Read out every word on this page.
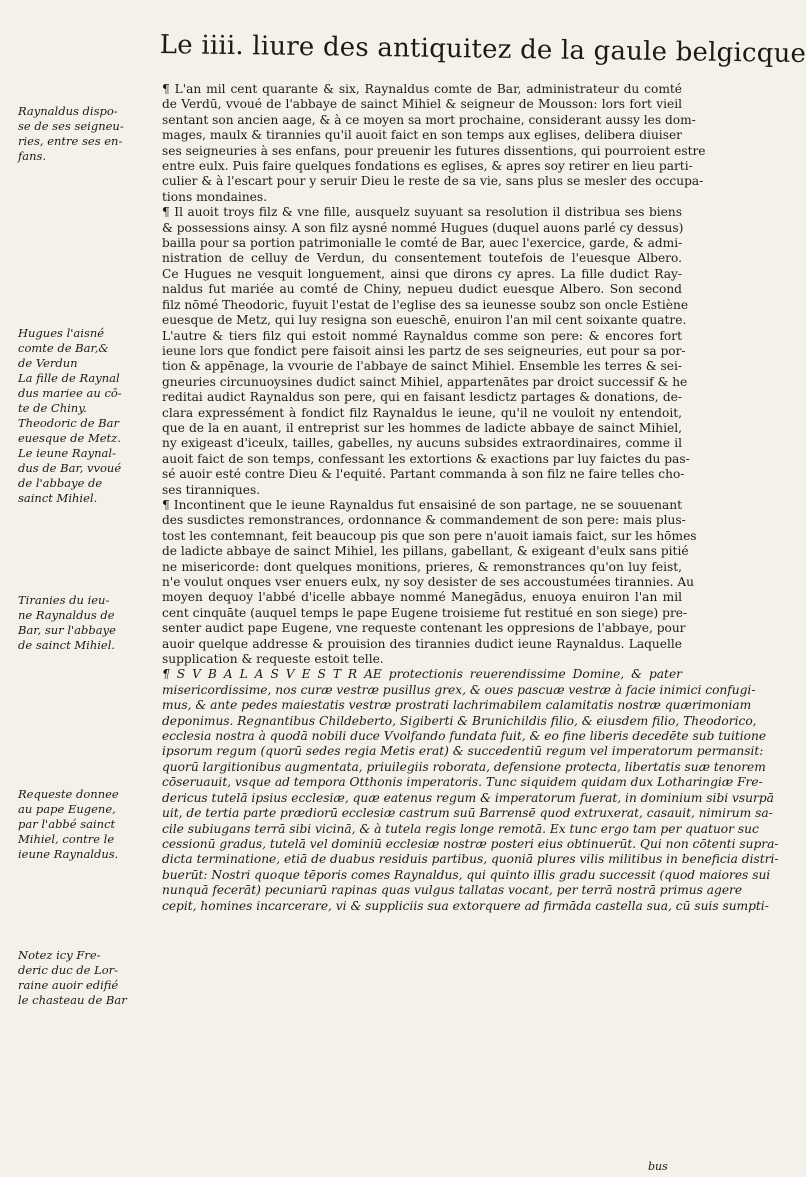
Le iiii. liure des antiquitez de la gaule belgicque
Raynaldus dispo-
se de ses seigneu-
ries, entre ses en-
fans.
Hugues l'aisné
comte de Bar,&
de Verdun
La fille de Raynal
dus mariee au cō-
te de Chiny.
Theodoric de Bar
euesque de Metz.
Le ieune Raynal-
dus de Bar, vvoué
de l'abbaye de
sainct Mihiel.
Tiranies du ieu-
ne Raynaldus de
Bar, sur l'abbaye
de sainct Mihiel.
Requeste donnee
au pape Eugene,
par l'abbé sainct
Mihiel, contre le
ieune Raynaldus.
Notez icy Fre-
deric duc de Lor-
raine auoir edifié
le chasteau de Bar
¶ L'an mil cent quarante & six, Raynaldus comte de Bar, administrateur du comté
de Verdū, vvoué de l'abbaye de sainct Mihiel & seigneur de Mousson: lors fort vieil
sentant son ancien aage, & à ce moyen sa mort prochaine, considerant aussy les dom-
mages, maulx & tirannies qu'il auoit faict en son temps aux eglises, delibera diuiser
ses seigneuries à ses enfans, pour preuenir les futures dissentions, qui pourroient estre
entre eulx. Puis faire quelques fondations es eglises, & apres soy retirer en lieu parti-
culier & à l'escart pour y seruir Dieu le reste de sa vie, sans plus se mesler des occupa-
tions mondaines.
¶ Il auoit troys filz & vne fille, ausquelz suyuant sa resolution il distribua ses biens
& possessions ainsy. A son filz aysné nommé Hugues (duquel auons parlé cy dessus)
bailla pour sa portion patrimonialle le comté de Bar, auec l'exercice, garde, & admi-
nistration de celluy de Verdun, du consentement toutefois de l'euesque Albero.
Ce Hugues ne vesquit longuement, ainsi que dirons cy apres. La fille dudict Ray-
naldus fut mariée au comté de Chiny, nepueu dudict euesque Albero. Son second
filz nōmé Theodoric, fuyuit l'estat de l'eglise des sa ieunesse soubz son oncle Estiène
euesque de Metz, qui luy resigna son eueschē, enuiron l'an mil cent soixante quatre.
L'autre & tiers filz qui estoit nommé Raynaldus comme son pere: & encores fort
ieune lors que fondict pere faisoit ainsi les partz de ses seigneuries, eut pour sa por-
tion & appēnage, la vvourie de l'abbaye de sainct Mihiel. Ensemble les terres & sei-
gneuries circunuoysines dudict sainct Mihiel, appartenātes par droict successif & he
reditai audict Raynaldus son pere, qui en faisant lesdictz partages & donations, de-
clara expressément à fondict filz Raynaldus le ieune, qu'il ne vouloit ny entendoit,
que de la en auant, il entreprist sur les hommes de ladicte abbaye de sainct Mihiel,
ny exigeast d'iceulx, tailles, gabelles, ny aucuns subsides extraordinaires, comme il
auoit faict de son temps, confessant les extortions & exactions par luy faictes du pas-
sé auoir esté contre Dieu & l'equité. Partant commanda à son filz ne faire telles cho-
ses tiranniques.
¶ Incontinent que le ieune Raynaldus fut ensaisiné de son partage, ne se souuenant
des susdictes remonstrances, ordonnance & commandement de son pere: mais plus-
tost les contemnant, feit beaucoup pis que son pere n'auoit iamais faict, sur les hōmes
de ladicte abbaye de sainct Mihiel, les pillans, gabellant, & exigeant d'eulx sans pitié
ne misericorde: dont quelques monitions, prieres, & remonstrances qu'on luy feist,
n'e voulut onques vser enuers eulx, ny soy desister de ses accoustumées tirannies. Au
moyen dequoy l'abbé d'icelle abbaye nommé Manegādus, enuoya enuiron l'an mil
cent cinquāte (auquel temps le pape Eugene troisieme fut restitué en son siege) pre-
senter audict pape Eugene, vne requeste contenant les oppresions de l'abbaye, pour
auoir quelque addresse & prouision des tirannies dudict ieune Raynaldus. Laquelle
supplication & requeste estoit telle.
¶ S V B A L A S V E S T R AE protectionis reuerendissime Domine, & pater
misericordissime, nos curæ vestræ pusillus grex, & oues pascuæ vestræ à facie inimici confugi-
mus, & ante pedes maiestatis vestræ prostrati lachrimabilem calamitatis nostræ quærimoniam
deponimus. Regnantibus Childeberto, Sigiberti & Brunichildis filio, & eiusdem filio, Theodorico,
ecclesia nostra à quodā nobili duce Vvolfando fundata fuit, & eo fine liberis decedēte sub tuitione
ipsorum regum (quorū sedes regia Metis erat) & succedentiū regum vel imperatorum permansit:
quorū largitionibus augmentata, priuilegiis roborata, defensione protecta, libertatis suæ tenorem
cōseruauit, vsque ad tempora Otthonis imperatoris. Tunc siquidem quidam dux Lotharingiæ Fre-
dericus tutelā ipsius ecclesiæ, quæ eatenus regum & imperatorum fuerat, in dominium sibi vsurpā
uit, de tertia parte prædiorū ecclesiæ castrum suū Barrensē quod extruxerat, casauit, nimirum sa-
cile subiugans terrā sibi vicinā, & à tutela regis longe remotā. Ex tunc ergo tam per quatuor suc
cessionū gradus, tutelā vel dominiū ecclesiæ nostræ posteri eius obtinuerūt. Qui non cōtenti supra-
dicta terminatione, etiā de duabus residuis partibus, quoniā plures vilis militibus in beneficia distri-
buerūt: Nostri quoque tēporis comes Raynaldus, qui quinto illis gradu successit (quod maiores sui
nunquā fecerāt) pecuniarū rapinas quas vulgus tallatas vocant, per terrā nostrā primus agere
cepit, homines incarcerare, vi & suppliciis sua extorquere ad firmāda castella sua, cū suis sumpti-
bus
